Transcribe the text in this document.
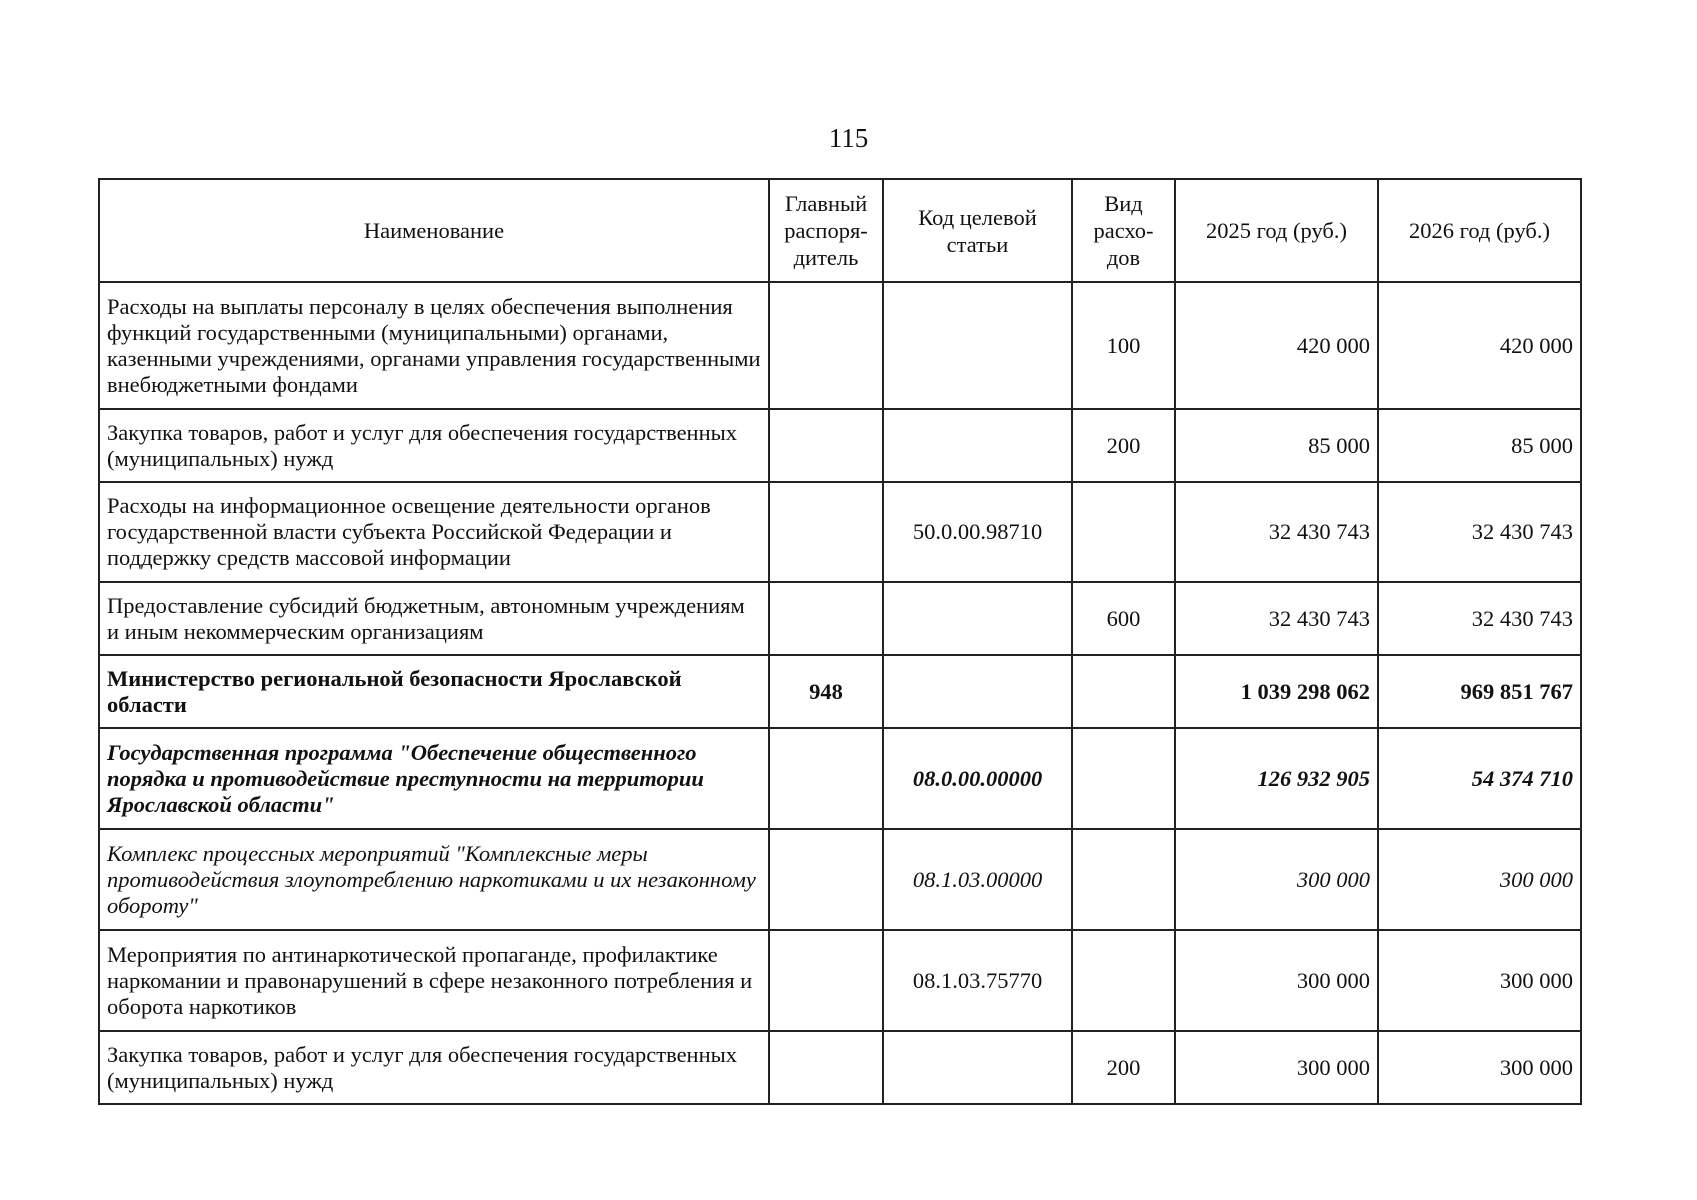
115
Наименование	Главный распоря-дитель	Код целевой статьи	Вид расхо-дов	2025 год (руб.)	2026 год (руб.)
Расходы на выплаты персоналу в целях обеспечения выполнения функций государственными (муниципальными) органами, казенными учреждениями, органами управления государственными внебюджетными фондами			100	420 000	420 000
Закупка товаров, работ и услуг для обеспечения государственных (муниципальных) нужд			200	85 000	85 000
Расходы на информационное освещение деятельности органов государственной власти субъекта Российской Федерации и поддержку средств массовой информации		50.0.00.98710		32 430 743	32 430 743
Предоставление субсидий бюджетным, автономным учреждениям и иным некоммерческим организациям			600	32 430 743	32 430 743
Министерство региональной безопасности Ярославской области	948			1 039 298 062	969 851 767
Государственная программа "Обеспечение общественного порядка и противодействие преступности на территории Ярославской области"		08.0.00.00000		126 932 905	54 374 710
Комплекс процессных мероприятий "Комплексные меры противодействия злоупотреблению наркотиками и их незаконному обороту"		08.1.03.00000		300 000	300 000
Мероприятия по антинаркотической пропаганде, профилактике наркомании и правонарушений в сфере незаконного потребления и оборота наркотиков		08.1.03.75770		300 000	300 000
Закупка товаров, работ и услуг для обеспечения государственных (муниципальных) нужд			200	300 000	300 000
